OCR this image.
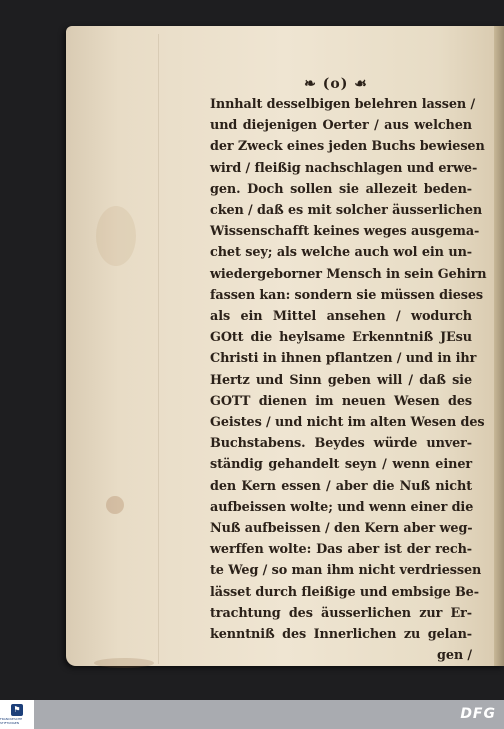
❧ (o) ☙
Innhalt desselbigen belehren lassen /
und diejenigen Oerter / aus welchen
der Zweck eines jeden Buchs bewiesen
wird / fleißig nachschlagen und erwe-
gen. Doch sollen sie allezeit beden-
cken / daß es mit solcher äusserlichen
Wissenschafft keines weges ausgema-
chet sey; als welche auch wol ein un-
wiedergeborner Mensch in sein Gehirn
fassen kan: sondern sie müssen dieses
als ein Mittel ansehen / wodurch
GOtt die heylsame Erkenntniß JEsu
Christi in ihnen pflantzen / und in ihr
Hertz und Sinn geben will / daß sie
GOTT dienen im neuen Wesen des
Geistes / und nicht im alten Wesen des
Buchstabens. Beydes würde unver-
ständig gehandelt seyn / wenn einer
den Kern essen / aber die Nuß nicht
aufbeissen wolte; und wenn einer die
Nuß aufbeissen / den Kern aber weg-
werffen wolte: Das aber ist der rech-
te Weg / so man ihm nicht verdriessen
lässet durch fleißige und embsige Be-
trachtung des äusserlichen zur Er-
kenntniß des Innerlichen zu gelan-
gen /
⚑
FRANCKESCHE STIFTUNGEN
DFG
